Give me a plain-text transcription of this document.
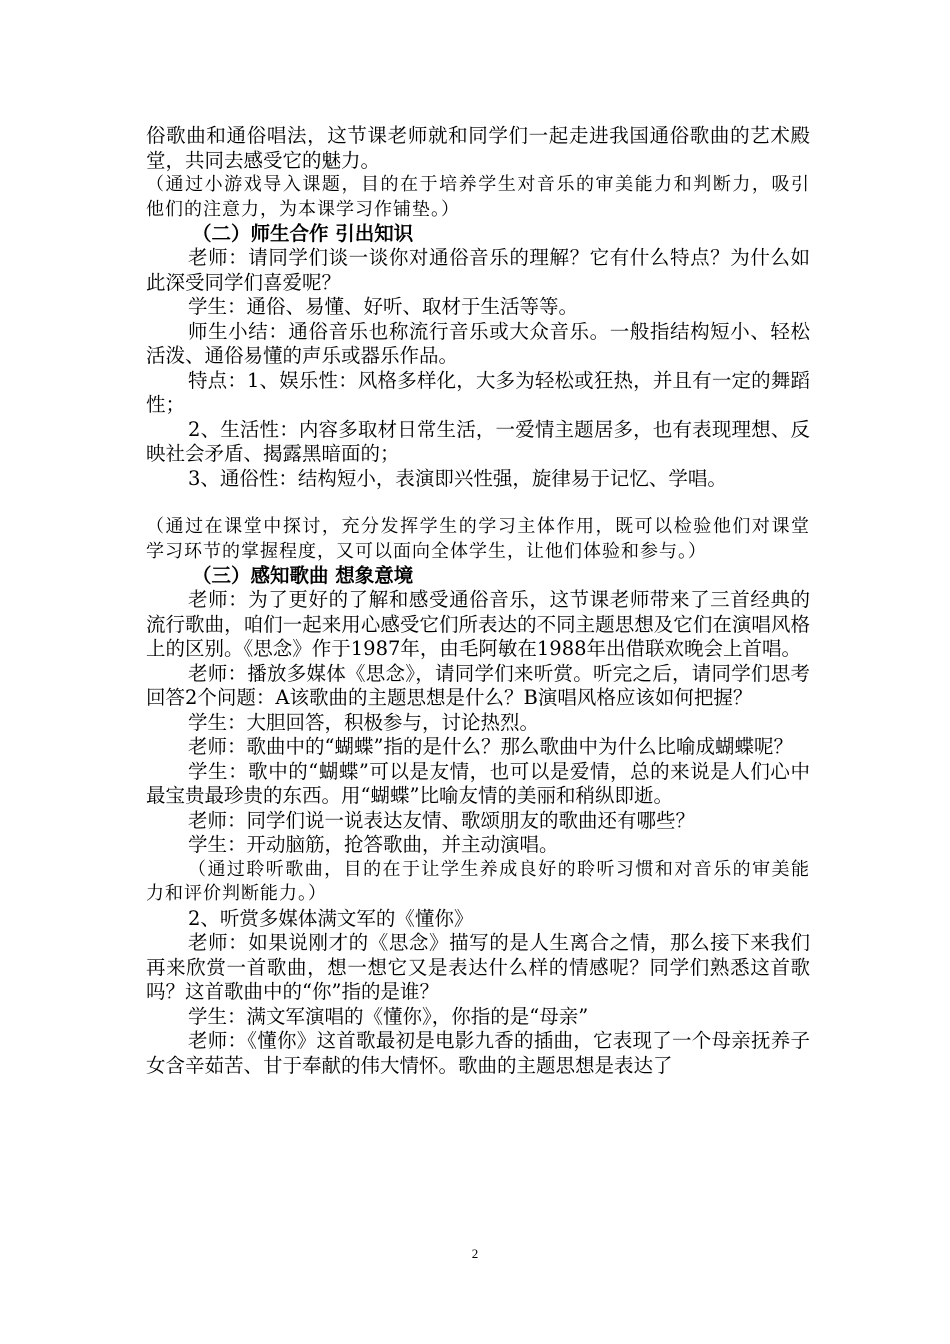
俗歌曲和通俗唱法，这节课老师就和同学们一起走进我国通俗歌曲的艺术殿堂，共同去感受它的魅力。

（通过小游戏导入课题，目的在于培养学生对音乐的审美能力和判断力，吸引他们的注意力，为本课学习作铺垫。）

（二）师生合作 引出知识

老师：请同学们谈一谈你对通俗音乐的理解？它有什么特点？为什么如此深受同学们喜爱呢？

学生：通俗、易懂、好听、取材于生活等等。

师生小结：通俗音乐也称流行音乐或大众音乐。一般指结构短小、轻松活泼、通俗易懂的声乐或器乐作品。

特点：1、娱乐性：风格多样化，大多为轻松或狂热，并且有一定的舞蹈性；

2、生活性：内容多取材日常生活，一爱情主题居多，也有表现理想、反映社会矛盾、揭露黑暗面的；

3、通俗性：结构短小，表演即兴性强，旋律易于记忆、学唱。

（通过在课堂中探讨，充分发挥学生的学习主体作用，既可以检验他们对课堂学习环节的掌握程度，又可以面向全体学生，让他们体验和参与。）

（三）感知歌曲 想象意境

老师：为了更好的了解和感受通俗音乐，这节课老师带来了三首经典的流行歌曲，咱们一起来用心感受它们所表达的不同主题思想及它们在演唱风格上的区别。《思念》作于1987年，由毛阿敏在1988年出借联欢晚会上首唱。

老师：播放多媒体《思念》，请同学们来听赏。听完之后，请同学们思考回答2个问题：A该歌曲的主题思想是什么？B演唱风格应该如何把握？

学生：大胆回答，积极参与，讨论热烈。

老师：歌曲中的“蝴蝶”指的是什么？那么歌曲中为什么比喻成蝴蝶呢？

学生：歌中的“蝴蝶”可以是友情，也可以是爱情，总的来说是人们心中最宝贵最珍贵的东西。用“蝴蝶”比喻友情的美丽和稍纵即逝。

老师：同学们说一说表达友情、歌颂朋友的歌曲还有哪些？

学生：开动脑筋，抢答歌曲，并主动演唱。

（通过聆听歌曲，目的在于让学生养成良好的聆听习惯和对音乐的审美能力和评价判断能力。）

2、听赏多媒体满文军的《懂你》

老师：如果说刚才的《思念》描写的是人生离合之情，那么接下来我们再来欣赏一首歌曲，想一想它又是表达什么样的情感呢？同学们熟悉这首歌吗？这首歌曲中的“你”指的是谁？

学生：满文军演唱的《懂你》，你指的是“母亲”

老师：《懂你》这首歌最初是电影九香的插曲，它表现了一个母亲抚养子女含辛茹苦、甘于奉献的伟大情怀。歌曲的主题思想是表达了

2
